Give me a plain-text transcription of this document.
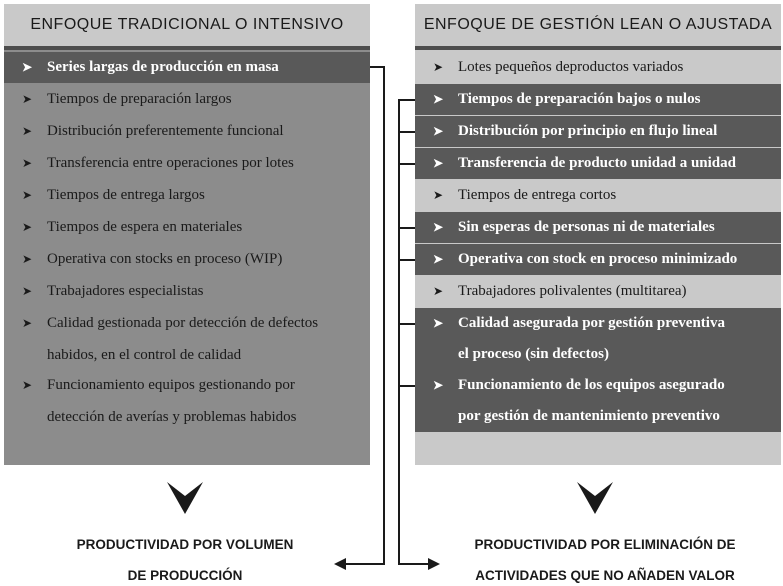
ENFOQUE TRADICIONAL O INTENSIVO	ENFOQUE DE GESTIÓN LEAN O AJUSTADA
➤ Series largas de producción en masa
➤ Tiempos de preparación largos
➤ Distribución preferentemente funcional
➤ Transferencia entre operaciones por lotes
➤ Tiempos de entrega largos
➤ Tiempos de espera en materiales
➤ Operativa con stocks en proceso (WIP)
➤ Trabajadores especialistas
➤ Calidad gestionada por detección de defectos
habidos, en el control de calidad
➤ Funcionamiento equipos gestionando por
detección de averías y problemas habidos
➤ Lotes pequeños deproductos variados
➤ Tiempos de preparación bajos o nulos
➤ Distribución por principio en flujo lineal
➤ Transferencia de producto unidad a unidad
➤ Tiempos de entrega cortos
➤ Sin esperas de personas ni de materiales
➤ Operativa con stock en proceso minimizado
➤ Trabajadores polivalentes (multitarea)
➤ Calidad asegurada por gestión preventiva
el proceso (sin defectos)
➤ Funcionamiento de los equipos asegurado
por gestión de mantenimiento preventivo
PRODUCTIVIDAD POR VOLUMEN
DE PRODUCCIÓN
PRODUCTIVIDAD POR ELIMINACIÓN DE
ACTIVIDADES QUE NO AÑADEN VALOR
